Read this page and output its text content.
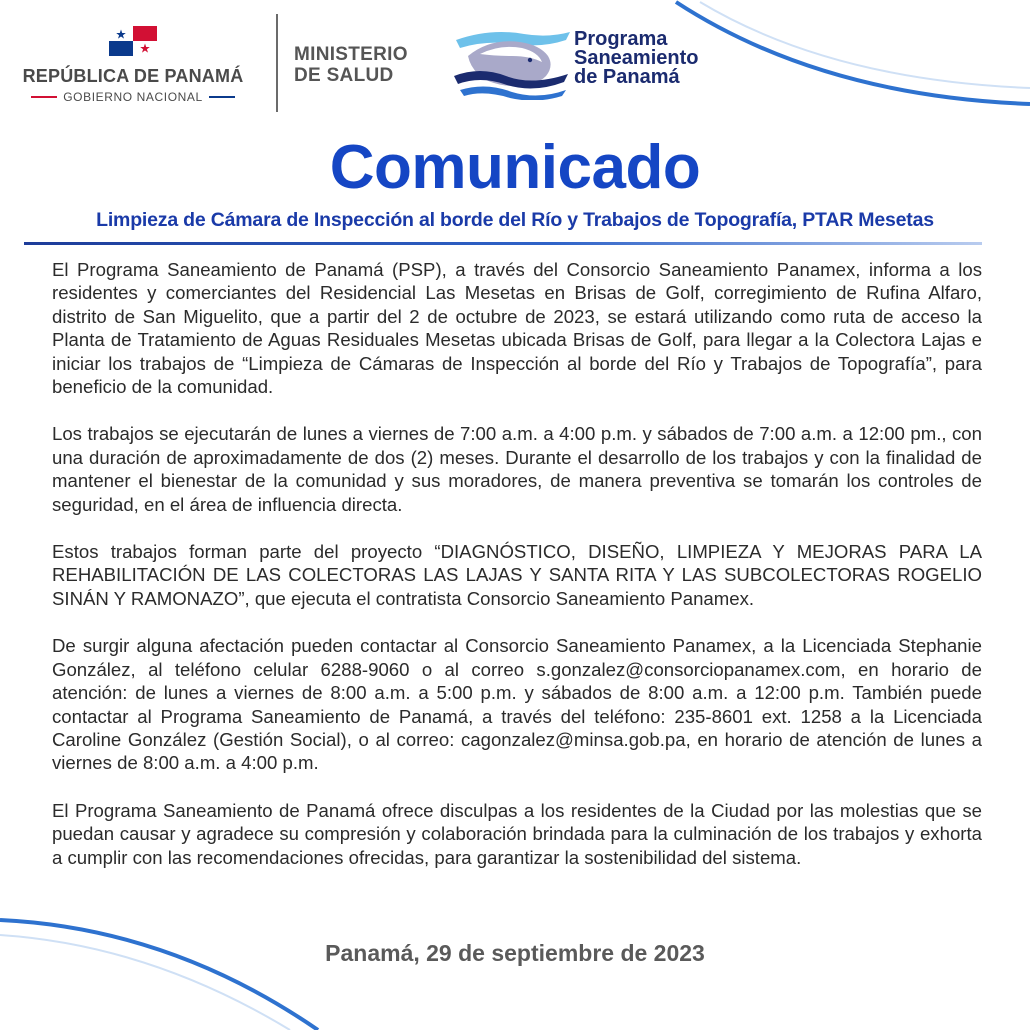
REPÚBLICA DE PANAMÁ
GOBIERNO NACIONAL
MINISTERIO
DE SALUD
Programa
Saneamiento
de Panamá
Comunicado
Limpieza de Cámara de Inspección al borde del Río y Trabajos de Topografía, PTAR Mesetas

El Programa Saneamiento de Panamá (PSP), a través del Consorcio Saneamiento Panamex, informa a los residentes y comerciantes del Residencial Las Mesetas en Brisas de Golf, corregimiento de Rufina Alfaro, distrito de San Miguelito, que a partir del 2 de octubre de 2023, se estará utilizando como ruta de acceso la Planta de Tratamiento de Aguas Residuales Mesetas ubicada Brisas de Golf, para llegar a la Colectora Lajas e iniciar los trabajos de “Limpieza de Cámaras de Inspección al borde del Río y Trabajos de Topografía”, para beneficio de la comunidad.

Los trabajos se ejecutarán de lunes a viernes de 7:00 a.m. a 4:00 p.m. y sábados de 7:00 a.m. a 12:00 pm., con una duración de aproximadamente de dos (2) meses. Durante el desarrollo de los trabajos y con la finalidad de mantener el bienestar de la comunidad y sus moradores, de manera preventiva se tomarán los controles de seguridad, en el área de influencia directa.

Estos trabajos forman parte del proyecto “DIAGNÓSTICO, DISEÑO, LIMPIEZA Y MEJORAS PARA LA REHABILITACIÓN DE LAS COLECTORAS LAS LAJAS Y SANTA RITA Y LAS SUBCOLECTORAS ROGELIO SINÁN Y RAMONAZO”, que ejecuta el contratista Consorcio Saneamiento Panamex.

De surgir alguna afectación pueden contactar al Consorcio Saneamiento Panamex, a la Licenciada Stephanie González, al teléfono celular 6288-9060 o al correo s.gonzalez@consorciopanamex.com, en horario de atención: de lunes a viernes de 8:00 a.m. a 5:00 p.m. y sábados de 8:00 a.m. a 12:00 p.m. También puede contactar al Programa Saneamiento de Panamá, a través del teléfono: 235-8601 ext. 1258 a la Licenciada Caroline González (Gestión Social), o al correo: cagonzalez@minsa.gob.pa, en horario de atención de lunes a viernes de 8:00 a.m. a 4:00 p.m.

El Programa Saneamiento de Panamá ofrece disculpas a los residentes de la Ciudad por las molestias que se puedan causar y agradece su compresión y colaboración brindada para la culminación de los trabajos y exhorta a cumplir con las recomendaciones ofrecidas, para garantizar la sostenibilidad del sistema.

Panamá, 29 de septiembre de 2023
